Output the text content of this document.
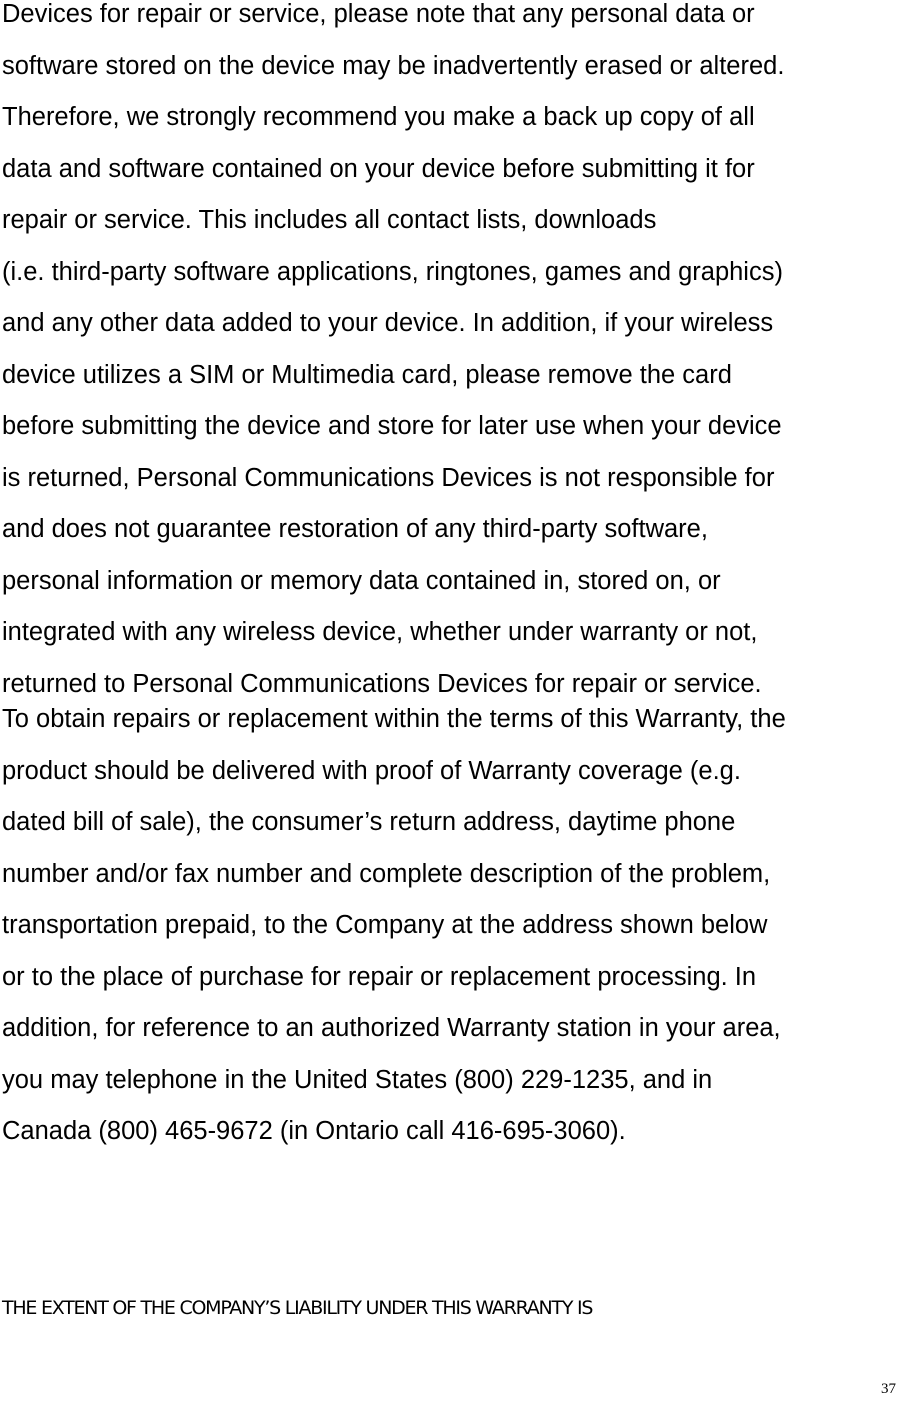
Devices for repair or service, please note that any personal data or
software stored on the device may be inadvertently erased or altered.
Therefore, we strongly recommend you make a back up copy of all
data and software contained on your device before submitting it for
repair or service. This includes all contact lists, downloads
(i.e. third-party software applications, ringtones, games and graphics)
and any other data added to your device. In addition, if your wireless
device utilizes a SIM or Multimedia card, please remove the card
before submitting the device and store for later use when your device
is returned, Personal Communications Devices is not responsible for
and does not guarantee restoration of any third-party software,
personal information or memory data contained in, stored on, or
integrated with any wireless device, whether under warranty or not,
returned to Personal Communications Devices for repair or service.
To obtain repairs or replacement within the terms of this Warranty, the
product should be delivered with proof of Warranty coverage (e.g.
dated bill of sale), the consumer’s return address, daytime phone
number and/or fax number and complete description of the problem,
transportation prepaid, to the Company at the address shown below
or to the place of purchase for repair or replacement processing. In
addition, for reference to an authorized Warranty station in your area,
you may telephone in the United States (800) 229-1235, and in
Canada (800) 465-9672 (in Ontario call 416-695-3060).
THE EXTENT OF THE COMPANY’S LIABILITY UNDER THIS WARRANTY IS
37
